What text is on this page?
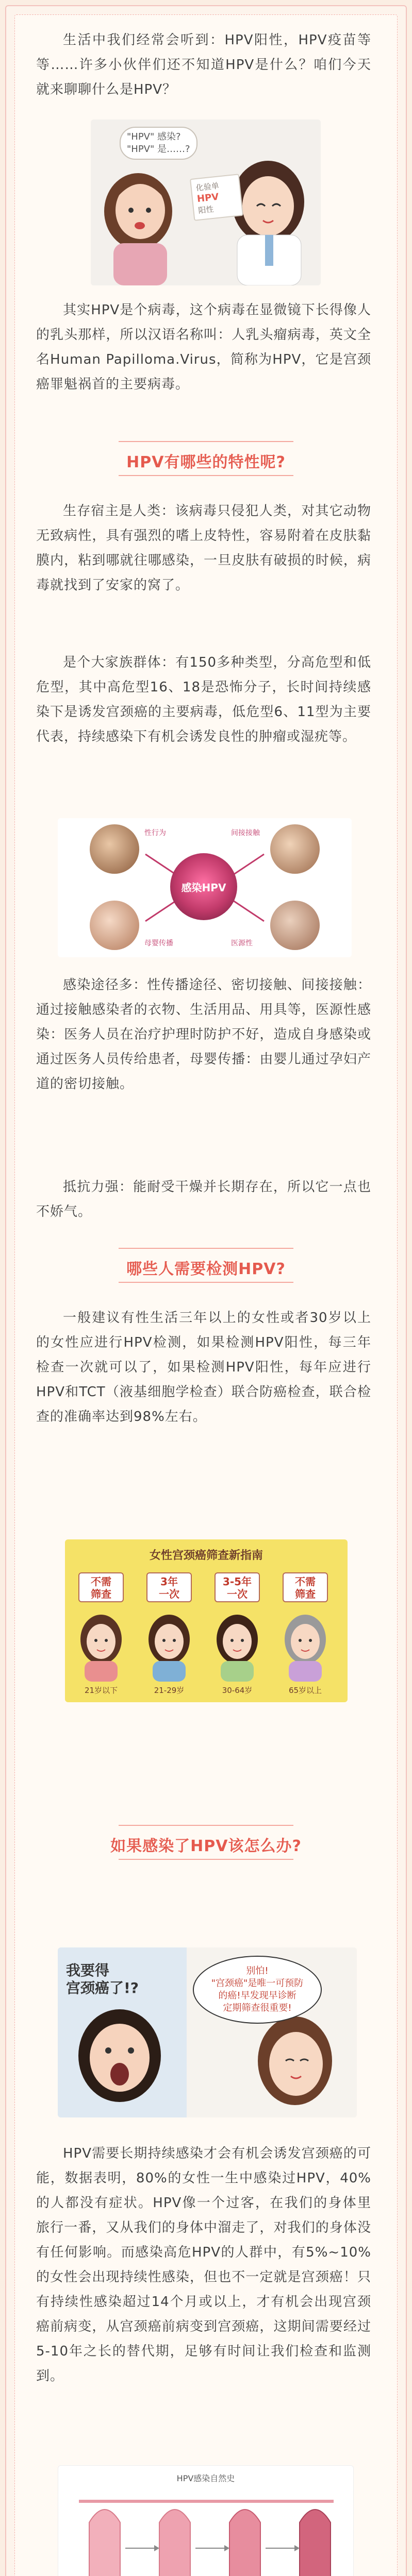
生活中我们经常会听到：HPV阳性，HPV疫苗等等……许多小伙伴们还不知道HPV是什么？咱们今天就来聊聊什么是HPV？

"HPV" 感染?
"HPV" 是……?
化验单
HPV
阳性

其实HPV是个病毒，这个病毒在显微镜下长得像人的乳头那样，所以汉语名称叫：人乳头瘤病毒，英文全名Human Papilloma.Virus，简称为HPV，它是宫颈癌罪魁祸首的主要病毒。

HPV有哪些的特性呢?

生存宿主是人类：该病毒只侵犯人类，对其它动物无致病性，具有强烈的嗜上皮特性，容易附着在皮肤黏膜内，粘到哪就往哪感染，一旦皮肤有破损的时候，病毒就找到了安家的窝了。

是个大家族群体：有150多种类型，分高危型和低危型，其中高危型16、18是恐怖分子，长时间持续感染下是诱发宫颈癌的主要病毒，低危型6、11型为主要代表，持续感染下有机会诱发良性的肿瘤或湿疣等。

性行为	间接接触
母婴传播	医源性
感染HPV

感染途径多：性传播途径、密切接触、间接接触：通过接触感染者的衣物、生活用品、用具等，医源性感染：医务人员在治疗护理时防护不好，造成自身感染或通过医务人员传给患者，母婴传播：由婴儿通过孕妇产道的密切接触。

抵抗力强：能耐受干燥并长期存在，所以它一点也不娇气。

哪些人需要检测HPV?

一般建议有性生活三年以上的女性或者30岁以上的女性应进行HPV检测，如果检测HPV阳性，每三年检查一次就可以了，如果检测HPV阳性，每年应进行HPV和TCT（液基细胞学检查）联合防癌检查，联合检查的准确率达到98%左右。

女性宫颈癌筛查新指南
不需
筛查
3年
一次
3-5年
一次
不需
筛查
21岁以下	21-29岁	30-64岁	65岁以上
如果感染了HPV该怎么办?
我要得
宫颈癌了!?
别怕!
"宫颈癌"是唯一可预防
的癌!早发现早诊断
定期筛查很重要!

HPV需要长期持续感染才会有机会诱发宫颈癌的可能，数据表明，80%的女性一生中感染过HPV，40%的人都没有症状。HPV像一个过客，在我们的身体里旅行一番，又从我们的身体中溜走了，对我们的身体没有任何影响。而感染高危HPV的人群中，有5%~10%的女性会出现持续性感染，但也不一定就是宫颈癌！只有持续性感染超过14个月或以上，才有机会出现宫颈癌前病变，从宫颈癌前病变到宫颈癌，这期间需要经过5-10年之长的替代期，足够有时间让我们检查和监测到。

HPV感染自然史
